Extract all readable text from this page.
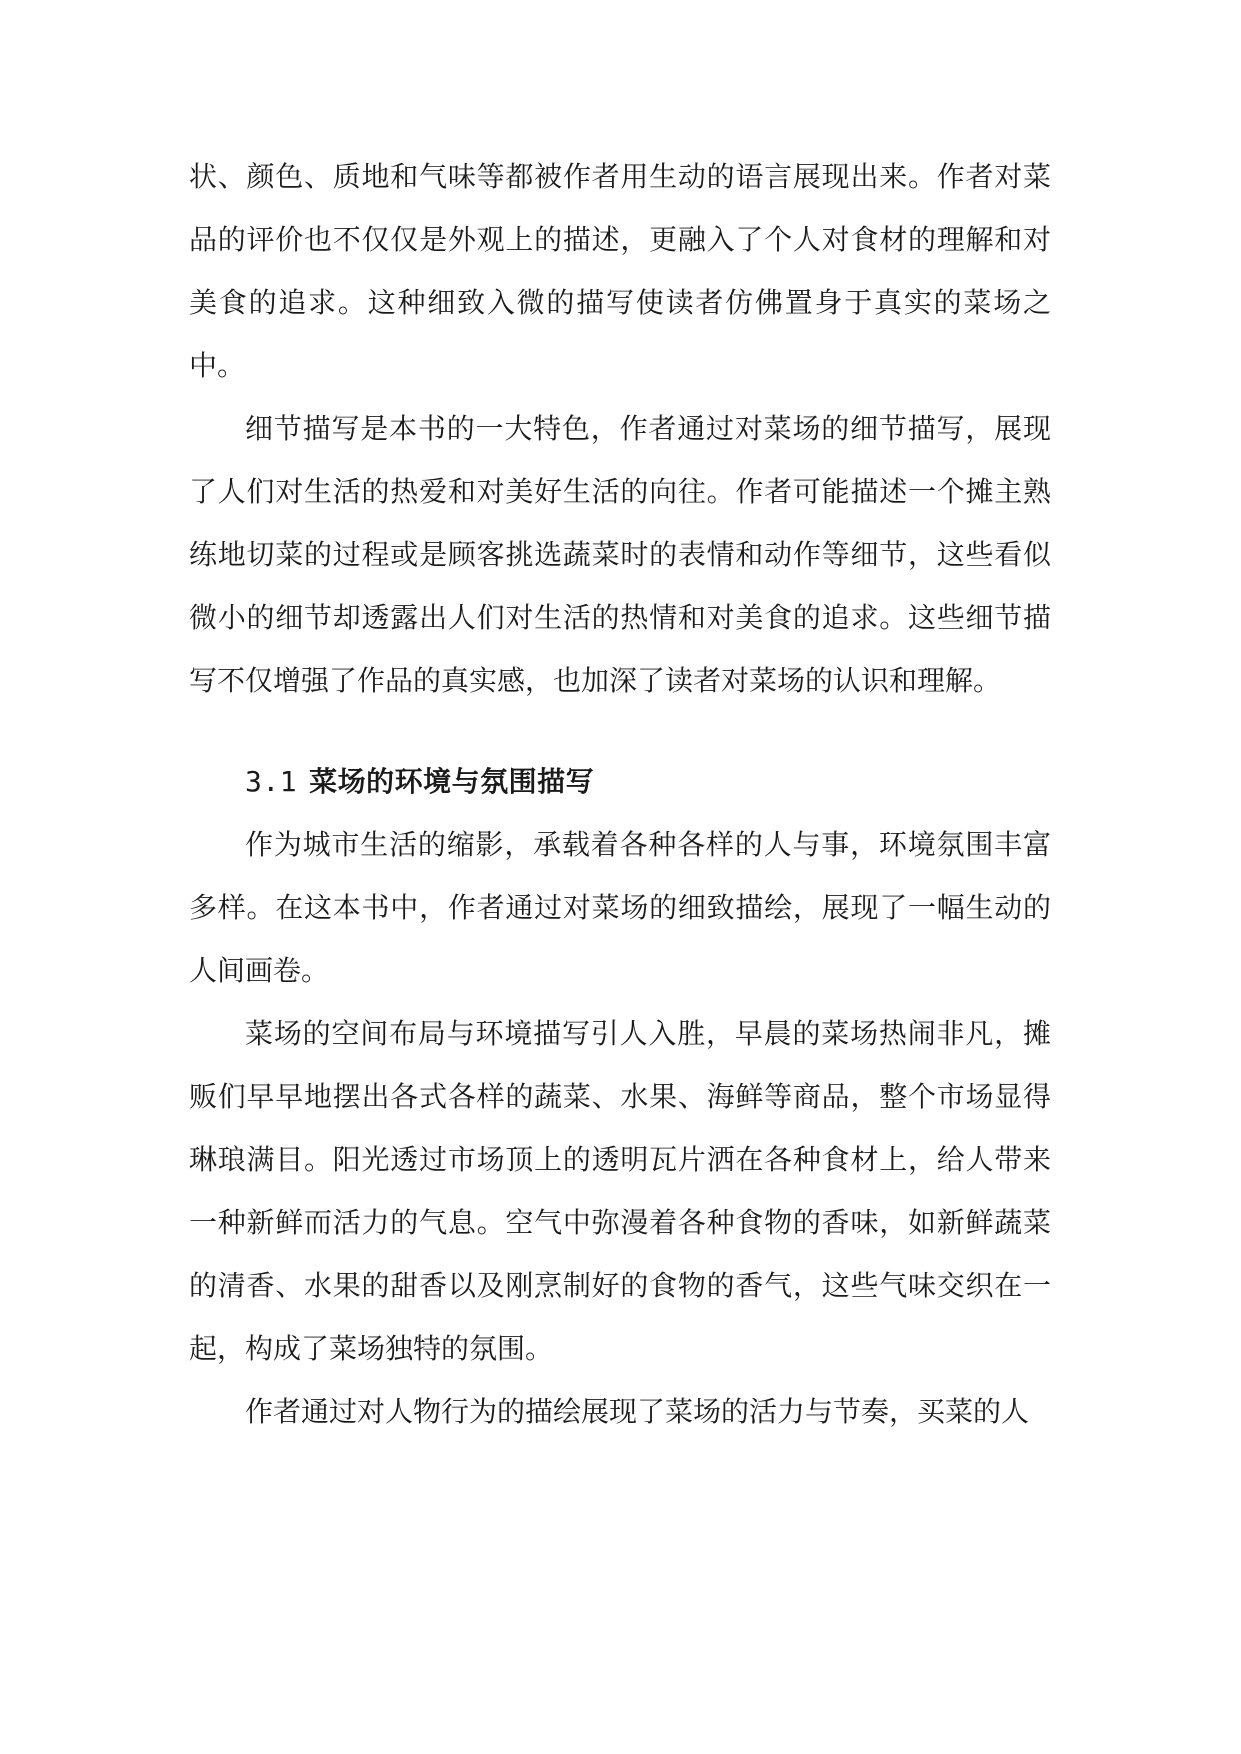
状、颜色、质地和气味等都被作者用生动的语言展现出来。作者对菜品的评价也不仅仅是外观上的描述，更融入了个人对食材的理解和对美食的追求。这种细致入微的描写使读者仿佛置身于真实的菜场之中。

细节描写是本书的一大特色，作者通过对菜场的细节描写，展现了人们对生活的热爱和对美好生活的向往。作者可能描述一个摊主熟练地切菜的过程或是顾客挑选蔬菜时的表情和动作等细节，这些看似微小的细节却透露出人们对生活的热情和对美食的追求。这些细节描写不仅增强了作品的真实感，也加深了读者对菜场的认识和理解。

3.1 菜场的环境与氛围描写

作为城市生活的缩影，承载着各种各样的人与事，环境氛围丰富多样。在这本书中，作者通过对菜场的细致描绘，展现了一幅生动的人间画卷。

菜场的空间布局与环境描写引人入胜，早晨的菜场热闹非凡，摊贩们早早地摆出各式各样的蔬菜、水果、海鲜等商品，整个市场显得琳琅满目。阳光透过市场顶上的透明瓦片洒在各种食材上，给人带来一种新鲜而活力的气息。空气中弥漫着各种食物的香味，如新鲜蔬菜的清香、水果的甜香以及刚烹制好的食物的香气，这些气味交织在一起，构成了菜场独特的氛围。

作者通过对人物行为的描绘展现了菜场的活力与节奏，买菜的人
